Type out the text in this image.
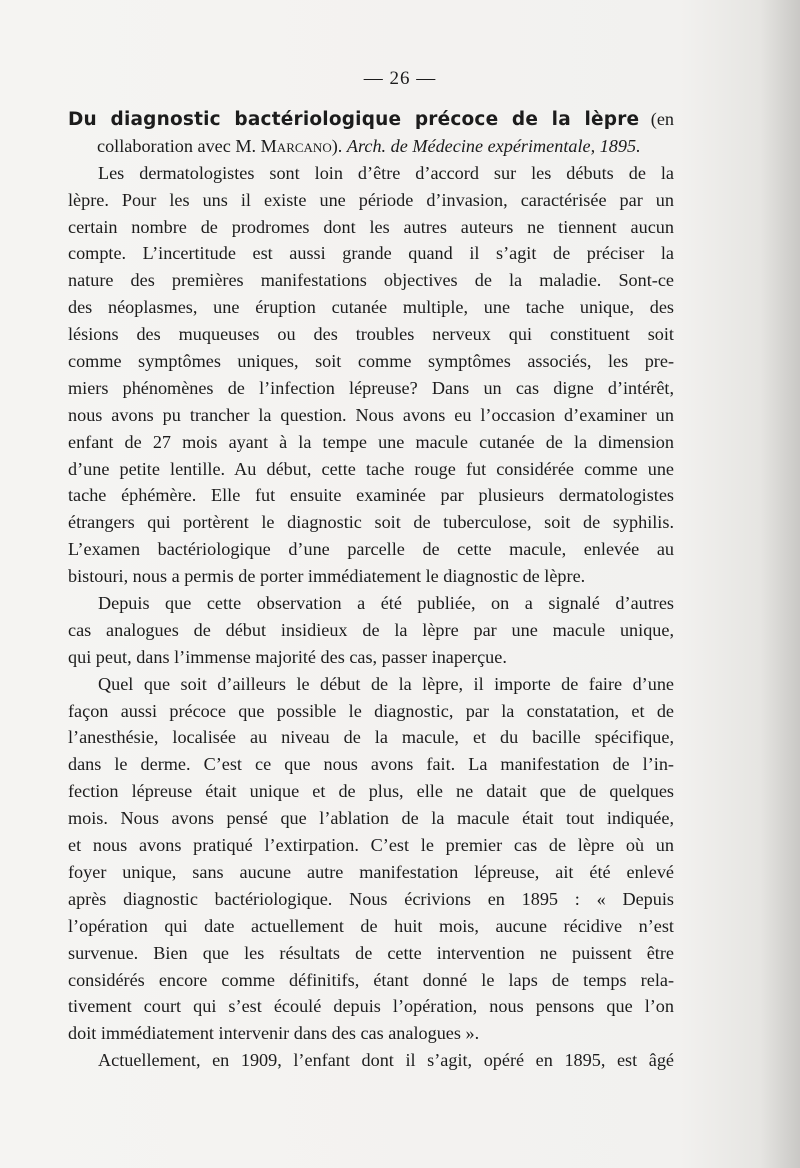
— 26 —
Du diagnostic bactériologique précoce de la lèpre (en
collaboration avec M. Marcano). Arch. de Médecine expérimentale, 1895.
Les dermatologistes sont loin d’être d’accord sur les débuts de la
lèpre. Pour les uns il existe une période d’invasion, caractérisée par un
certain nombre de prodromes dont les autres auteurs ne tiennent aucun
compte. L’incertitude est aussi grande quand il s’agit de préciser la
nature des premières manifestations objectives de la maladie. Sont-ce
des néoplasmes, une éruption cutanée multiple, une tache unique, des
lésions des muqueuses ou des troubles nerveux qui constituent soit
comme symptômes uniques, soit comme symptômes associés, les pre-
miers phénomènes de l’infection lépreuse? Dans un cas digne d’intérêt,
nous avons pu trancher la question. Nous avons eu l’occasion d’examiner un
enfant de 27 mois ayant à la tempe une macule cutanée de la dimension
d’une petite lentille. Au début, cette tache rouge fut considérée comme une
tache éphémère. Elle fut ensuite examinée par plusieurs dermatologistes
étrangers qui portèrent le diagnostic soit de tuberculose, soit de syphilis.
L’examen bactériologique d’une parcelle de cette macule, enlevée au
bistouri, nous a permis de porter immédiatement le diagnostic de lèpre.
Depuis que cette observation a été publiée, on a signalé d’autres
cas analogues de début insidieux de la lèpre par une macule unique,
qui peut, dans l’immense majorité des cas, passer inaperçue.
Quel que soit d’ailleurs le début de la lèpre, il importe de faire d’une
façon aussi précoce que possible le diagnostic, par la constatation, et de
l’anesthésie, localisée au niveau de la macule, et du bacille spécifique,
dans le derme. C’est ce que nous avons fait. La manifestation de l’in-
fection lépreuse était unique et de plus, elle ne datait que de quelques
mois. Nous avons pensé que l’ablation de la macule était tout indiquée,
et nous avons pratiqué l’extirpation. C’est le premier cas de lèpre où un
foyer unique, sans aucune autre manifestation lépreuse, ait été enlevé
après diagnostic bactériologique. Nous écrivions en 1895 : « Depuis
l’opération qui date actuellement de huit mois, aucune récidive n’est
survenue. Bien que les résultats de cette intervention ne puissent être
considérés encore comme définitifs, étant donné le laps de temps rela-
tivement court qui s’est écoulé depuis l’opération, nous pensons que l’on
doit immédiatement intervenir dans des cas analogues ».
Actuellement, en 1909, l’enfant dont il s’agit, opéré en 1895, est âgé
